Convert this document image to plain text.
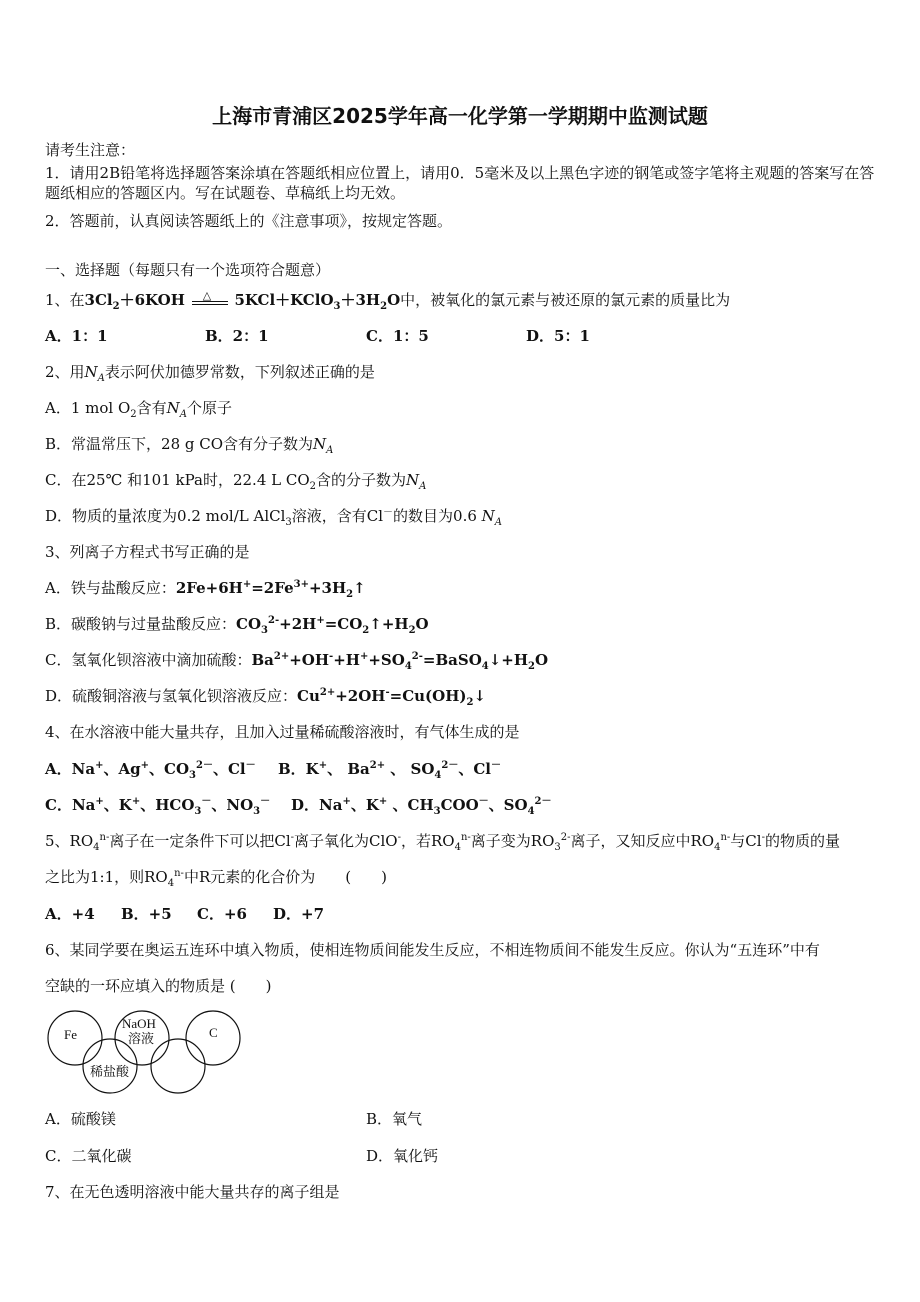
上海市青浦区2025学年高一化学第一学期期中监测试题
请考生注意：
1．请用2B铅笔将选择题答案涂填在答题纸相应位置上，请用0．5毫米及以上黑色字迹的钢笔或签字笔将主观题的答案写在答题纸相应的答题区内。写在试题卷、草稿纸上均无效。
2．答题前，认真阅读答题纸上的《注意事项》，按规定答题。
一、选择题（每题只有一个选项符合题意）
1、在$3Cl_2+6KOH$ △ $5KCl+KClO_3+3H_2O$中，被氧化的氯元素与被还原的氯元素的质量比为
A．1：1	B．2：1	C．1：5	D．5：1
2、用$N_A$表示阿伏加德罗常数，下列叙述正确的是
A．1 mol $O_2$含有$N_A$个原子
B．常温常压下，28 g CO含有分子数为$N_A$
C．在25℃ 和101 kPa时，22.4 L $CO_2$含的分子数为$N_A$
D．物质的量浓度为0.2 mol/L AlCl$_3$溶液，含有Cl－的数目为0.6 $N_A$
3、列离子方程式书写正确的是
A．铁与盐酸反应：$2Fe+6H^+=2Fe^{3+}+3H_2↑$
B．碳酸钠与过量盐酸反应：$CO_3^{2-}+2H^+=CO_2↑+H_2O$
C．氢氧化钡溶液中滴加硫酸：$Ba^{2+}+OH^-+H^++SO_4^{2-}=BaSO_4↓+H_2O$
D．硫酸铜溶液与氢氧化钡溶液反应：$Cu^{2+}+2OH^-=Cu(OH)_2↓$
4、在水溶液中能大量共存，且加入过量稀硫酸溶液时，有气体生成的是
A．Na+、Ag+、$CO_3^{2-}$、Cl－ B．K+、 $Ba^{2+}$ 、 $SO_4^{2-}$、Cl－
C．Na+、K+、$HCO_3^-$、$NO_3^-$ D．Na+、K+ 、$CH_3COO^-$、$SO_4^{2-}$
5、$RO_4^{n-}$离子在一定条件下可以把Cl-离子氧化为ClO-，若$RO_4^{n-}$离子变为$RO_3^{2-}$离子，又知反应中$RO_4^{n-}$与Cl-的物质的量
之比为1:1，则$RO_4^{n-}$中R元素的化合价为　　(　　)
A．+4 B．+5 C．+6 D．+7
6、某同学要在奥运五连环中填入物质，使相连物质间能发生反应，不相连物质间不能发生反应。你认为“五连环”中有
空缺的一环应填入的物质是 (　　)
Fe
NaOH
溶液	C
稀盐酸
A．硫酸镁	B．氧气
C．二氧化碳	D．氧化钙
7、在无色透明溶液中能大量共存的离子组是
